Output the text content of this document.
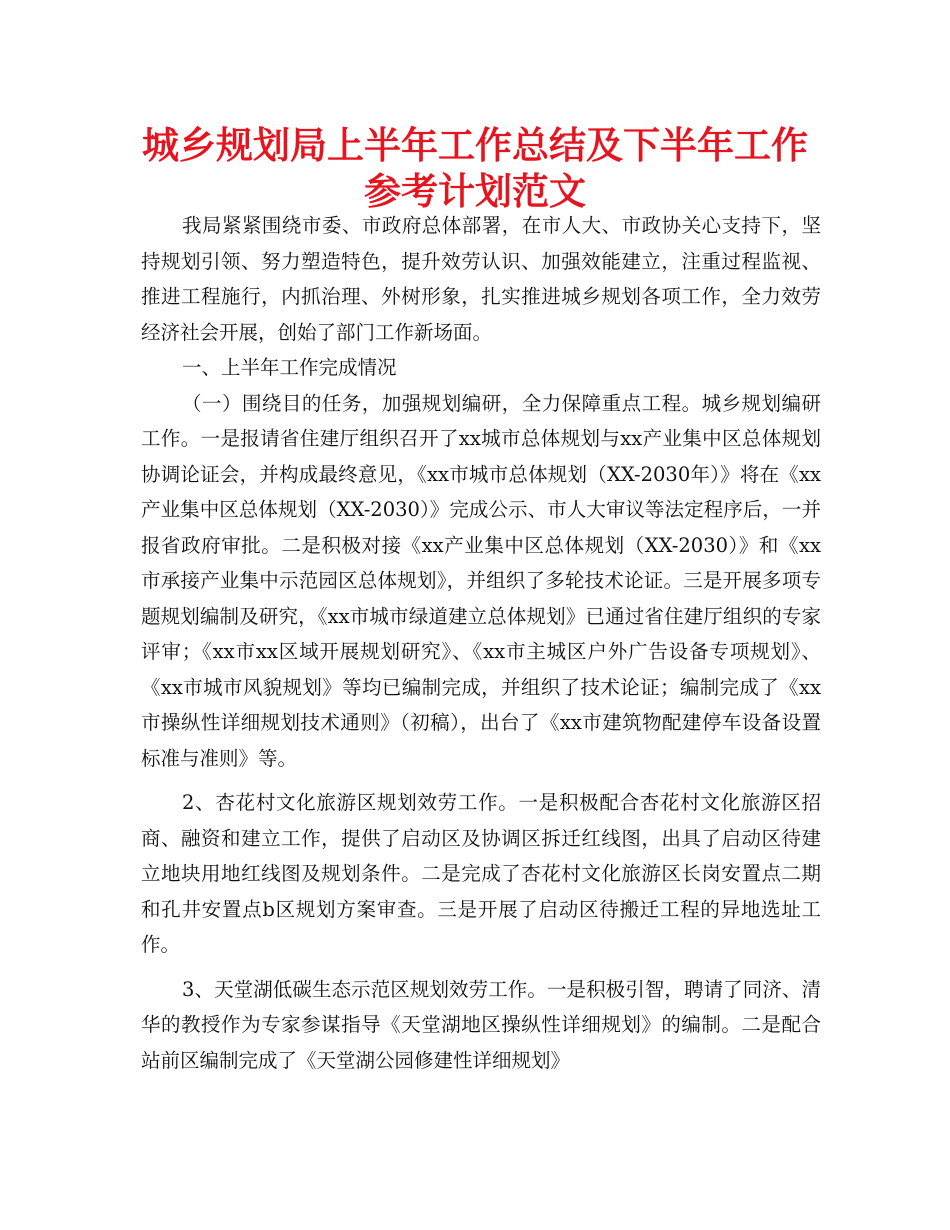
城乡规划局上半年工作总结及下半年工作
参考计划范文

我局紧紧围绕市委、市政府总体部署，在市人大、市政协关心支持下，坚持规划引领、努力塑造特色，提升效劳认识、加强效能建立，注重过程监视、推进工程施行，内抓治理、外树形象，扎实推进城乡规划各项工作，全力效劳经济社会开展，创始了部门工作新场面。

一、上半年工作完成情况

（一）围绕目的任务，加强规划编研，全力保障重点工程。城乡规划编研工作。一是报请省住建厅组织召开了xx城市总体规划与xx产业集中区总体规划协调论证会，并构成最终意见，《xx市城市总体规划（XX-2030年）》将在《xx产业集中区总体规划（XX-2030）》完成公示、市人大审议等法定程序后，一并报省政府审批。二是积极对接《xx产业集中区总体规划（XX-2030）》和《xx市承接产业集中示范园区总体规划》，并组织了多轮技术论证。三是开展多项专题规划编制及研究，《xx市城市绿道建立总体规划》已通过省住建厅组织的专家评审；《xx市xx区域开展规划研究》、《xx市主城区户外广告设备专项规划》、《xx市城市风貌规划》等均已编制完成，并组织了技术论证；编制完成了《xx市操纵性详细规划技术通则》（初稿），出台了《xx市建筑物配建停车设备设置标准与准则》等。

2、杏花村文化旅游区规划效劳工作。一是积极配合杏花村文化旅游区招商、融资和建立工作，提供了启动区及协调区拆迁红线图，出具了启动区待建立地块用地红线图及规划条件。二是完成了杏花村文化旅游区长岗安置点二期和孔井安置点b区规划方案审查。三是开展了启动区待搬迁工程的异地选址工作。

3、天堂湖低碳生态示范区规划效劳工作。一是积极引智，聘请了同济、清华的教授作为专家参谋指导《天堂湖地区操纵性详细规划》的编制。二是配合站前区编制完成了《天堂湖公园修建性详细规划》
